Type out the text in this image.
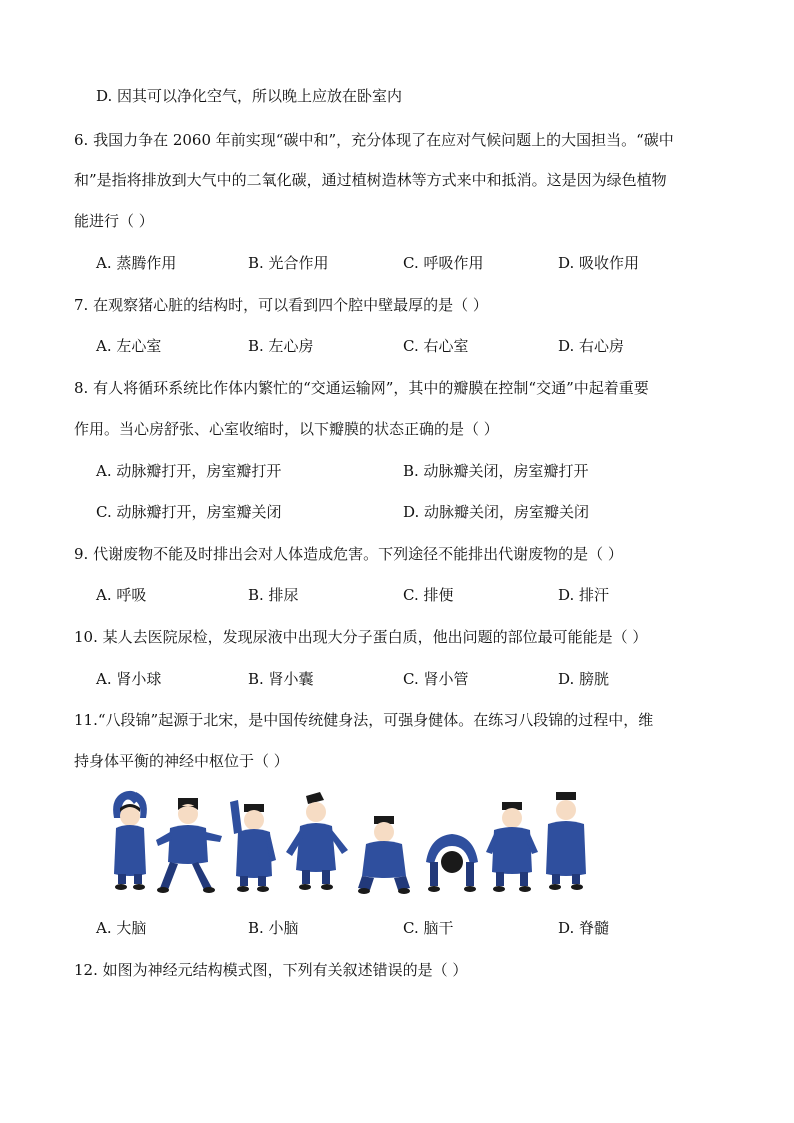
D. 因其可以净化空气，所以晚上应放在卧室内
6. 我国力争在 2060 年前实现“碳中和”，充分体现了在应对气候问题上的大国担当。“碳中
和”是指将排放到大气中的二氧化碳，通过植树造林等方式来中和抵消。这是因为绿色植物
能进行（ ）
A. 蒸腾作用	B. 光合作用	C. 呼吸作用	D. 吸收作用
7. 在观察猪心脏的结构时，可以看到四个腔中壁最厚的是（ ）
A. 左心室	B. 左心房	C. 右心室	D. 右心房
8. 有人将循环系统比作体内繁忙的“交通运输网”，其中的瓣膜在控制“交通”中起着重要
作用。当心房舒张、心室收缩时，以下瓣膜的状态正确的是（ ）
A. 动脉瓣打开，房室瓣打开	B. 动脉瓣关闭，房室瓣打开
C. 动脉瓣打开，房室瓣关闭	D. 动脉瓣关闭，房室瓣关闭
9. 代谢废物不能及时排出会对人体造成危害。下列途径不能排出代谢废物的是（ ）
A. 呼吸	B. 排尿	C. 排便	D. 排汗
10. 某人去医院尿检，发现尿液中出现大分子蛋白质，他出问题的部位最可能能是（ ）
A. 肾小球	B. 肾小囊	C. 肾小管	D. 膀胱
11.“八段锦”起源于北宋，是中国传统健身法，可强身健体。在练习八段锦的过程中，维
持身体平衡的神经中枢位于（ ）
A. 大脑	B. 小脑	C. 脑干	D. 脊髓
12. 如图为神经元结构模式图，下列有关叙述错误的是（ ）
